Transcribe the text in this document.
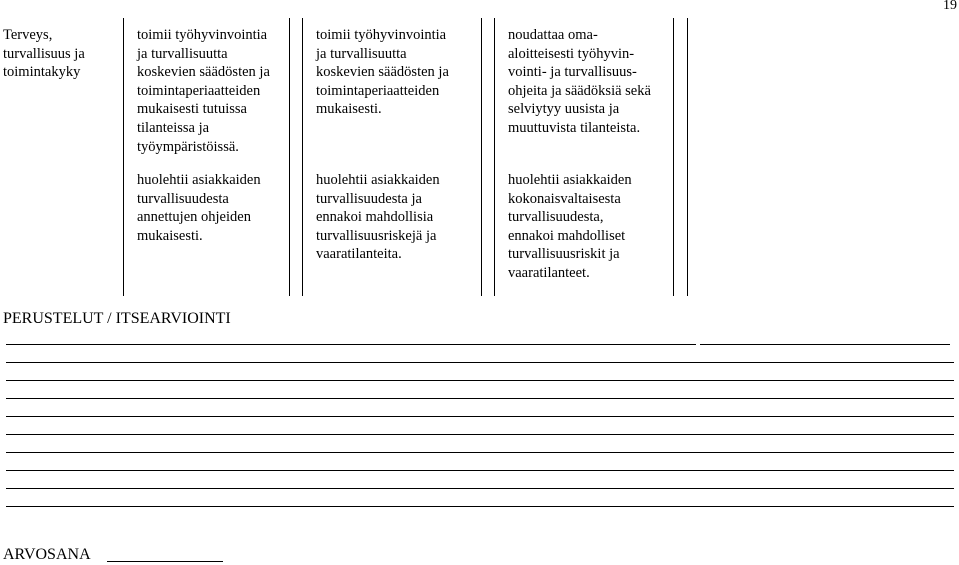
19
Terveys,
turvallisuus ja
toimintakyky
toimii työhyvinvointia
ja turvallisuutta
koskevien säädösten ja
toimintaperiaatteiden
mukaisesti tutuissa
tilanteissa ja
työympäristöissä.
toimii työhyvinvointia
ja turvallisuutta
koskevien säädösten ja
toimintaperiaatteiden
mukaisesti.
noudattaa oma-
aloitteisesti työhyvin-
vointi- ja turvallisuus-
ohjeita ja säädöksiä sekä
selviytyy uusista ja
muuttuvista tilanteista.
huolehtii asiakkaiden
turvallisuudesta
annettujen ohjeiden
mukaisesti.
huolehtii asiakkaiden
turvallisuudesta ja
ennakoi mahdollisia
turvallisuusriskejä ja
vaaratilanteita.
huolehtii asiakkaiden
kokonaisvaltaisesta
turvallisuudesta,
ennakoi mahdolliset
turvallisuusriskit ja
vaaratilanteet.
PERUSTELUT / ITSEARVIOINTI
ARVOSANA
